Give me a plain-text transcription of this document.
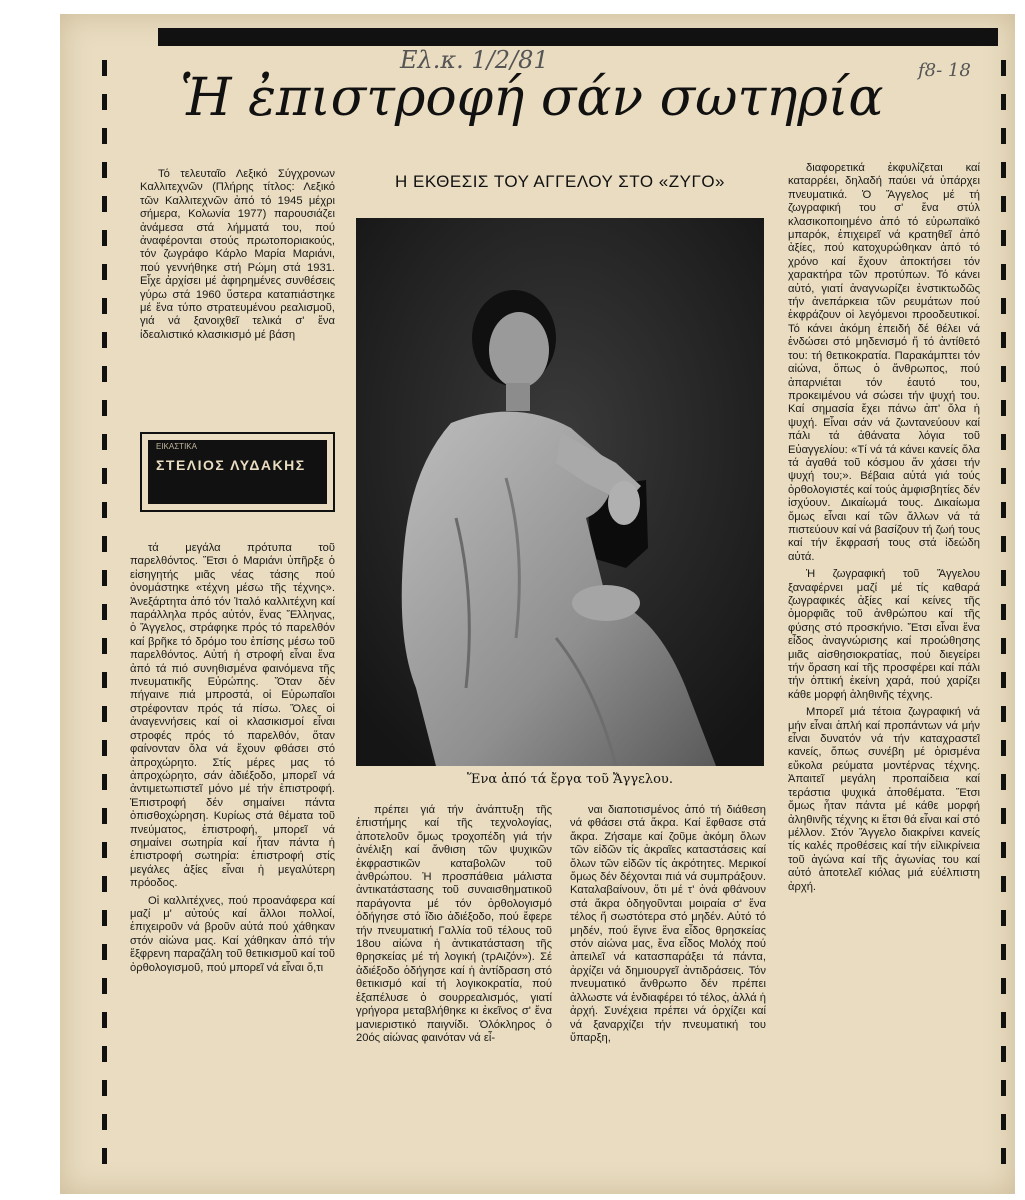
Ελ.κ. 1/2/81	f8- 18
Ἡ ἐπιστροφή σάν σωτηρία
Η ΕΚΘΕΣΙΣ ΤΟΥ ΑΓΓΕΛΟΥ ΣΤΟ «ΖΥΓΟ»

Τό τελευταῖο Λεξικό Σύγχρονων Καλλιτεχνῶν (Πλήρης τίτλος: Λεξικό τῶν Καλλιτεχνῶν ἀπό τό 1945 μέχρι σήμερα, Κολωνία 1977) παρουσιάζει ἀνάμεσα στά λήμματά του, πού ἀναφέρονται στούς πρωτοποριακούς, τόν ζωγράφο Κάρλο Μαρία Μαριάνι, πού γεννήθηκε στή Ρώμη στά 1931. Εἶχε ἀρχίσει μέ ἀφηρημένες συνθέσεις γύρω στά 1960 ὕστερα καταπιάστηκε μέ ἕνα τύπο στρατευμένου ρεαλισμοῦ, γιά νά ξανοιχθεῖ τελικά σ' ἕνα ἰδεαλιστικό κλασικισμό μέ βάση

ΕΙΚΑΣΤΙΚΑ
ΣΤΕΛΙΟΣ ΛΥΔΑΚΗΣ

τά μεγάλα πρότυπα τοῦ παρελθόντος. Ἔτσι ὁ Μαριάνι ὑπῆρξε ὁ εἰσηγητής μιᾶς νέας τάσης πού ὀνομάστηκε «τέχνη μέσω τῆς τέχνης». Ἀνεξάρτητα ἀπό τόν Ἰταλό καλλιτέχνη καί παράλληλα πρός αὐτόν, ἕνας Ἕλληνας, ὁ Ἄγγελος, στράφηκε πρός τό παρελθόν καί βρῆκε τό δρόμο του ἐπίσης μέσω τοῦ παρελθόντος. Αὐτή ἡ στροφή εἶναι ἕνα ἀπό τά πιό συνηθισμένα φαινόμενα τῆς πνευματικῆς Εὐρώπης. Ὅταν δέν πήγαινε πιά μπροστά, οἱ Εὐρωπαῖοι στρέφονταν πρός τά πίσω. Ὅλες οἱ ἀναγεννήσεις καί οἱ κλασικισμοί εἶναι στροφές πρός τό παρελθόν, ὅταν φαίνονταν ὅλα νά ἔχουν φθάσει στό ἀπροχώρητο. Στίς μέρες μας τό ἀπροχώρητο, σάν ἀδιέξοδο, μπορεῖ νά ἀντιμετωπιστεῖ μόνο μέ τήν ἐπιστροφή. Ἐπιστροφή δέν σημαίνει πάντα ὀπισθοχώρηση. Κυρίως στά θέματα τοῦ πνεύματος, ἐπιστροφή, μπορεῖ νά σημαίνει σωτηρία καί ἦταν πάντα ἡ ἐπιστροφή σωτηρία: ἐπιστροφή στίς μεγάλες ἀξίες εἶναι ἡ μεγαλύτερη πρόοδος.

Οἱ καλλιτέχνες, πού προανάφερα καί μαζί μ' αὐτούς καί ἄλλοι πολλοί, ἐπιχειροῦν νά βροῦν αὐτά πού χάθηκαν στόν αἰώνα μας. Καί χάθηκαν ἀπό τήν ἔξφρενη παραζάλη τοῦ θετικισμοῦ καί τοῦ ὀρθολογισμοῦ, πού μπορεῖ νά εἶναι ὅ,τι

Ἕνα ἀπό τά ἔργα τοῦ Ἄγγελου.

πρέπει γιά τήν ἀνάπτυξη τῆς ἐπιστήμης καί τῆς τεχνολογίας, ἀποτελοῦν ὅμως τροχοπέδη γιά τήν ἀνέλιξη καί ἄνθιση τῶν ψυχικῶν ἐκφραστικῶν καταβολῶν τοῦ ἀνθρώπου. Ἡ προσπάθεια μάλιστα ἀντικατάστασης τοῦ συναισθηματικοῦ παράγοντα μέ τόν ὀρθολογισμό ὁδήγησε στό ἴδιο ἀδιέξοδο, πού ἔφερε τήν πνευματική Γαλλία τοῦ τέλους τοῦ 18ου αἰώνα ἡ ἀντικατάσταση τῆς θρησκείας μέ τή λογική (τρΑιζόν»). Σέ ἀδιέξοδο ὁδήγησε καί ἡ ἀντίδραση στό θετικισμό καί τή λογικοκρατία, πού ἐξαπέλυσε ὁ σουρρεαλισμός, γιατί γρήγορα μεταβλήθηκε κι ἐκεῖνος σ' ἕνα μανιεριστικό παιγνίδι. Ὁλόκληρος ὁ 20ός αἰώνας φαινόταν νά εἶ-

ναι διαποτισμένος ἀπό τή διάθεση νά φθάσει στά ἄκρα. Καί ἔφθασε στά ἄκρα. Ζήσαμε καί ζοῦμε ἀκόμη ὅλων τῶν εἰδῶν τίς ἀκραῖες καταστάσεις καί ὅλων τῶν εἰδῶν τίς ἀκρότητες. Μερικοί ὅμως δέν δέχονται πιά νά συμπράξουν. Καταλαβαίνουν, ὅτι μέ τ' ὀνά φθάνουν στά ἄκρα ὁδηγοῦνται μοιραία σ' ἕνα τέλος ἤ σωστότερα στό μηδέν. Αὐτό τό μηδέν, πού ἔγινε ἕνα εἶδος θρησκείας στόν αἰώνα μας, ἕνα εἶδος Μολόχ πού ἀπειλεῖ νά κατασπαράξει τά πάντα, ἀρχίζει νά δημιουργεῖ ἀντιδράσεις. Τόν πνευματικό ἄνθρωπο δέν πρέπει ἀλλωστε νά ἐνδιαφέρει τό τέλος, ἀλλά ἡ ἀρχή. Συνέχεια πρέπει νά ὁρχίζει καί νά ξαναρχίζει τήν πνευματική του ὕπαρξη,

διαφορετικά ἐκφυλίζεται καί καταρρέει, δηλαδή παύει νά ὑπάρχει πνευματικά. Ὁ Ἄγγελος μέ τή ζωγραφική του σ' ἕνα στύλ κλασικοποιημένο ἀπό τό εὐρωπαϊκό μπαρόκ, ἐπιχειρεῖ νά κρατηθεῖ ἀπό ἀξίες, πού κατοχυρώθηκαν ἀπό τό χρόνο καί ἔχουν ἀποκτήσει τόν χαρακτήρα τῶν προτύπων. Τό κάνει αὐτό, γιατί ἀναγνωρίζει ἐνστικτωδῶς τήν ἀνεπάρκεια τῶν ρευμάτων πού ἐκφράζουν οἱ λεγόμενοι προοδευτικοί. Τό κάνει ἀκόμη ἐπειδή δέ θέλει νά ἐνδώσει στό μηδενισμό ἤ τό ἀντίθετό του: τή θετικοκρατία. Παρακάμπτει τόν αἰώνα, ὅπως ὁ ἄνθρωπος, πού ἀπαρνιέται τόν ἑαυτό του, προκειμένου νά σώσει τήν ψυχή του. Καί σημασία ἔχει πάνω ἀπ' ὅλα ἡ ψυχή. Εἶναι σάν νά ζωντανεύουν καί πάλι τά ἀθάνατα λόγια τοῦ Εὐαγγελίου: «Τί νά τά κάνει κανείς ὅλα τά ἀγαθά τοῦ κόσμου ἄν χάσει τήν ψυχή του;». Βέβαια αὐτά γιά τούς ὀρθολογιστές καί τούς ἀμφισβητίες δέν ἰσχύουν. Δικαίωμά τους. Δικαίωμα ὅμως εἶναι καί τῶν ἄλλων νά τά πιστεύουν καί νά βασίζουν τή ζωή τους καί τήν ἔκφρασή τους στά ἰδεώδη αὐτά.

Ἡ ζωγραφική τοῦ Ἄγγελου ξαναφέρνει μαζί μέ τίς καθαρά ζωγραφικές ἀξίες καί κείνες τῆς ὀμορφιᾶς τοῦ ἀνθρώπου καί τῆς φύσης στό προσκήνιο. Ἔτσι εἶναι ἕνα εἶδος ἀναγνώρισης καί προώθησης μιᾶς αἰσθησιοκρατίας, πού διεγείρει τήν ὅραση καί τῆς προσφέρει καί πάλι τήν ὀπτική ἐκείνη χαρά, πού χαρίζει κάθε μορφή ἀληθινῆς τέχνης.

Μπορεῖ μιά τέτοια ζωγραφική νά μήν εἶναι ἁπλή καί προπάντων νά μήν εἶναι δυνατόν νά τήν καταχραστεῖ κανείς, ὅπως συνέβη μέ ὁρισμένα εὔκολα ρεύματα μοντέρνας τέχνης. Ἀπαιτεῖ μεγάλη προπαίδεια καί τεράστια ψυχικά ἀποθέματα. Ἔτσι ὅμως ἦταν πάντα μέ κάθε μορφή ἀληθινῆς τέχνης κι ἔτσι θά εἶναι καί στό μέλλον. Στόν Ἄγγελο διακρίνει κανείς τίς καλές προθέσεις καί τήν εἰλικρίνεια τοῦ ἀγώνα καί τῆς ἀγωνίας του καί αὐτό ἀποτελεῖ κιόλας μιά εὐέλπιστη ἀρχή.
